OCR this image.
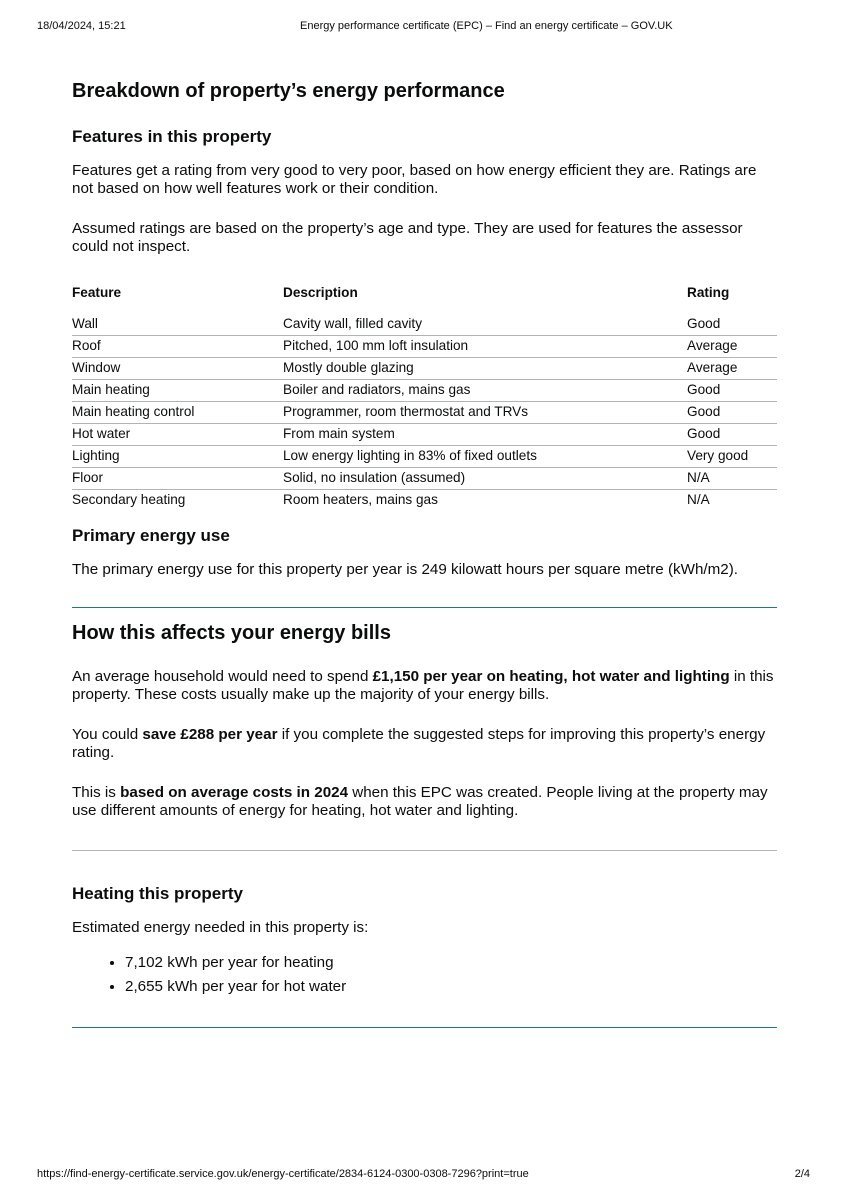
18/04/2024, 15:21	Energy performance certificate (EPC) – Find an energy certificate – GOV.UK
Breakdown of property’s energy performance
Features in this property

Features get a rating from very good to very poor, based on how energy efficient they are. Ratings are not based on how well features work or their condition.

Assumed ratings are based on the property’s age and type. They are used for features the assessor could not inspect.

Feature	Description	Rating
Wall	Cavity wall, filled cavity	Good
Roof	Pitched, 100 mm loft insulation	Average
Window	Mostly double glazing	Average
Main heating	Boiler and radiators, mains gas	Good
Main heating control	Programmer, room thermostat and TRVs	Good
Hot water	From main system	Good
Lighting	Low energy lighting in 83% of fixed outlets	Very good
Floor	Solid, no insulation (assumed)	N/A
Secondary heating	Room heaters, mains gas	N/A
Primary energy use

The primary energy use for this property per year is 249 kilowatt hours per square metre (kWh/m2).

How this affects your energy bills

An average household would need to spend £1,150 per year on heating, hot water and lighting in this property. These costs usually make up the majority of your energy bills.

You could save £288 per year if you complete the suggested steps for improving this property’s energy rating.

This is based on average costs in 2024 when this EPC was created. People living at the property may use different amounts of energy for heating, hot water and lighting.

Heating this property

Estimated energy needed in this property is:

• 7,102 kWh per year for heating
• 2,655 kWh per year for hot water
https://find-energy-certificate.service.gov.uk/energy-certificate/2834-6124-0300-0308-7296?print=true	2/4
